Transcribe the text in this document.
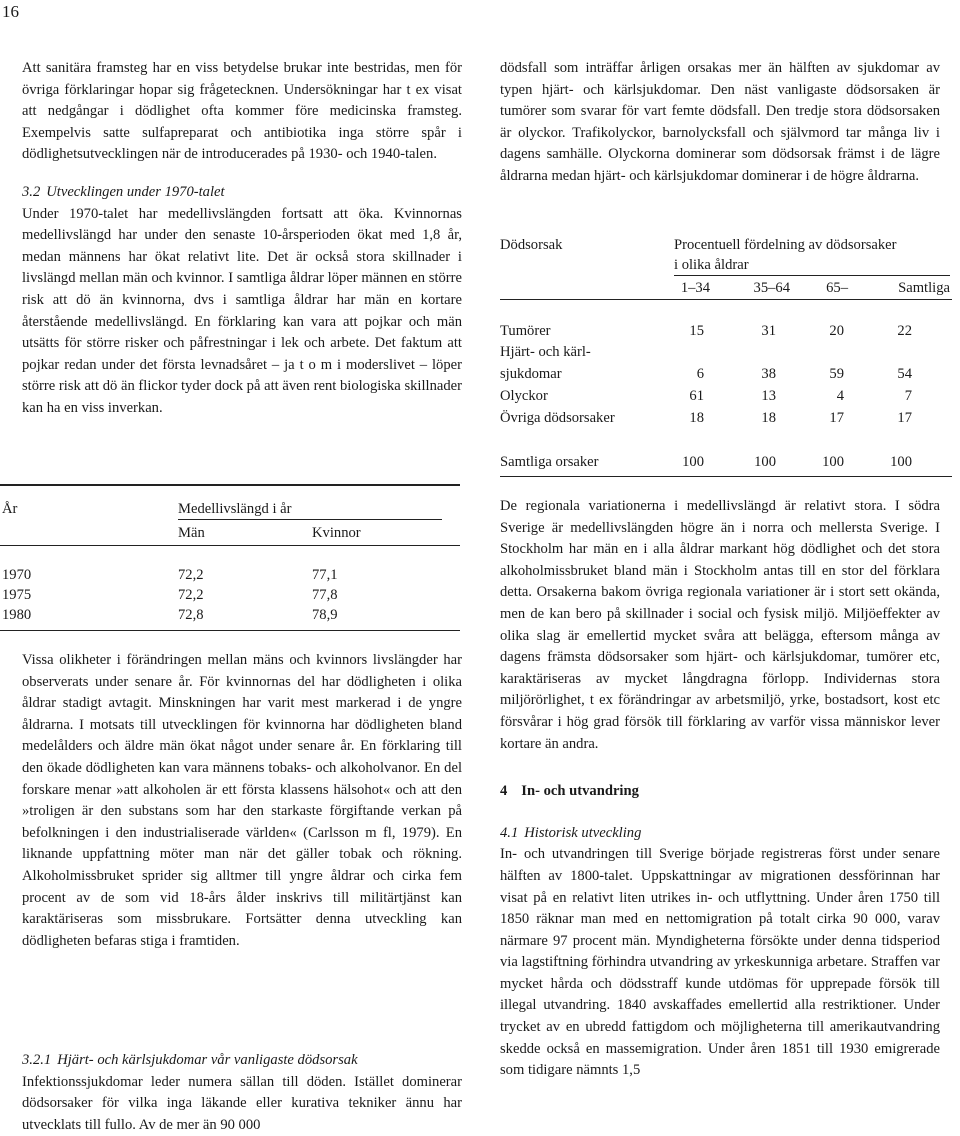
16

Att sanitära framsteg har en viss betydelse brukar inte bestridas, men för övriga förklaringar hopar sig frågetecknen. Undersökningar har t ex visat att nedgångar i dödlighet ofta kommer före medicinska framsteg. Exempelvis satte sulfapreparat och antibiotika inga större spår i dödlighetsutvecklingen när de introducerades på 1930- och 1940-talen.

3.2 Utvecklingen under 1970-talet

Under 1970-talet har medellivslängden fortsatt att öka. Kvinnornas medellivslängd har under den senaste 10-årsperioden ökat med 1,8 år, medan männens har ökat relativt lite. Det är också stora skillnader i livslängd mellan män och kvinnor. I samtliga åldrar löper männen en större risk att dö än kvinnorna, dvs i samtliga åldrar har män en kortare återstående medellivslängd. En förklaring kan vara att pojkar och män utsätts för större risker och påfrestningar i lek och arbete. Det faktum att pojkar redan under det första levnadsåret – ja t o m i moderslivet – löper större risk att dö än flickor tyder dock på att även rent biologiska skillnader kan ha en viss inverkan.

År	Medellivslängd i år
Män	Kvinnor
1970	72,2	77,1
1975	72,2	77,8
1980	72,8	78,9

Vissa olikheter i förändringen mellan mäns och kvinnors livslängder har observerats under senare år. För kvinnornas del har dödligheten i olika åldrar stadigt avtagit. Minskningen har varit mest markerad i de yngre åldrarna. I motsats till utvecklingen för kvinnorna har dödligheten bland medelålders och äldre män ökat något under senare år. En förklaring till den ökade dödligheten kan vara männens tobaks- och alkoholvanor. En del forskare menar »att alkoholen är ett första klassens hälsohot« och att den »troligen är den substans som har den starkaste förgiftande verkan på befolkningen i den industrialiserade världen« (Carlsson m fl, 1979). En liknande uppfattning möter man när det gäller tobak och rökning. Alkoholmissbruket sprider sig alltmer till yngre åldrar och cirka fem procent av de som vid 18-års ålder inskrivs till militärtjänst kan karaktäriseras som missbrukare. Fortsätter denna utveckling kan dödligheten befaras stiga i framtiden.

3.2.1 Hjärt- och kärlsjukdomar vår vanligaste dödsorsak

Infektionssjukdomar leder numera sällan till döden. Istället dominerar dödsorsaker för vilka inga läkande eller kurativa tekniker ännu har utvecklats till fullo. Av de mer än 90 000

dödsfall som inträffar årligen orsakas mer än hälften av sjukdomar av typen hjärt- och kärlsjukdomar. Den näst vanligaste dödsorsaken är tumörer som svarar för vart femte dödsfall. Den tredje stora dödsorsaken är olyckor. Trafikolyckor, barnolycksfall och självmord tar många liv i dagens samhälle. Olyckorna dominerar som dödsorsak främst i de lägre åldrarna medan hjärt- och kärlsjukdomar dominerar i de högre åldrarna.

Dödsorsak	Procentuell fördelning av dödsorsaker
i olika åldrar
1–34	35–64	65–	Samtliga
Tumörer	15	31	20	22
Hjärt- och kärl-
sjukdomar	6	38	59	54
Olyckor	61	13	4	7
Övriga dödsorsaker	18	18	17	17
Samtliga orsaker	100	100	100	100

De regionala variationerna i medellivslängd är relativt stora. I södra Sverige är medellivslängden högre än i norra och mellersta Sverige. I Stockholm har män en i alla åldrar markant hög dödlighet och det stora alkoholmissbruket bland män i Stockholm antas till en stor del förklara detta. Orsakerna bakom övriga regionala variationer är i stort sett okända, men de kan bero på skillnader i social och fysisk miljö. Miljöeffekter av olika slag är emellertid mycket svåra att belägga, eftersom många av dagens främsta dödsorsaker som hjärt- och kärlsjukdomar, tumörer etc, karaktäriseras av mycket långdragna förlopp. Individernas stora miljörörlighet, t ex förändringar av arbetsmiljö, yrke, bostadsort, kost etc försvårar i hög grad försök till förklaring av varför vissa människor lever kortare än andra.

4 In- och utvandring

4.1 Historisk utveckling

In- och utvandringen till Sverige började registreras först under senare hälften av 1800-talet. Uppskattningar av migrationen dessförinnan har visat på en relativt liten utrikes in- och utflyttning. Under åren 1750 till 1850 räknar man med en nettomigration på totalt cirka 90 000, varav närmare 97 procent män. Myndigheterna försökte under denna tidsperiod via lagstiftning förhindra utvandring av yrkeskunniga arbetare. Straffen var mycket hårda och dödsstraff kunde utdömas för upprepade försök till illegal utvandring. 1840 avskaffades emellertid alla restriktioner. Under trycket av en ubredd fattigdom och möjligheterna till amerikautvandring skedde också en massemigration. Under åren 1851 till 1930 emigrerade som tidigare nämnts 1,5
